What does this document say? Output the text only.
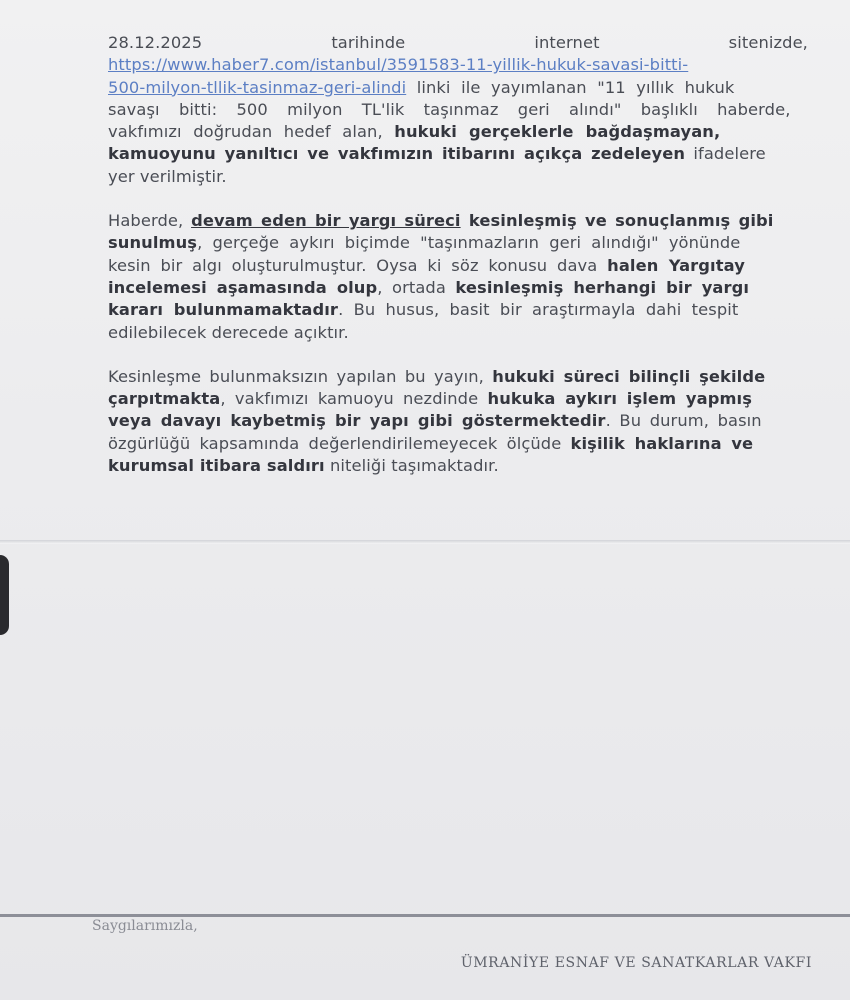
28.12.2025	tarihinde	internet	sitenizde,
https://www.haber7.com/istanbul/3591583-11-yillik-hukuk-savasi-bitti-
500-milyon-tllik-tasinmaz-geri-alindi linki ile yayımlanan "11 yıllık hukuk
savaşı bitti: 500 milyon TL'lik taşınmaz geri alındı" başlıklı haberde,
vakfımızı doğrudan hedef alan, hukuki gerçeklerle bağdaşmayan,
kamuoyunu yanıltıcı ve vakfımızın itibarını açıkça zedeleyen ifadelere
yer verilmiştir.
Haberde, devam eden bir yargı süreci kesinleşmiş ve sonuçlanmış gibi
sunulmuş, gerçeğe aykırı biçimde "taşınmazların geri alındığı" yönünde
kesin bir algı oluşturulmuştur. Oysa ki söz konusu dava halen Yargıtay
incelemesi aşamasında olup, ortada kesinleşmiş herhangi bir yargı
kararı bulunmamaktadır. Bu husus, basit bir araştırmayla dahi tespit
edilebilecek derecede açıktır.
Kesinleşme bulunmaksızın yapılan bu yayın, hukuki süreci bilinçli şekilde
çarpıtmakta, vakfımızı kamuoyu nezdinde hukuka aykırı işlem yapmış
veya davayı kaybetmiş bir yapı gibi göstermektedir. Bu durum, basın
özgürlüğü kapsamında değerlendirilemeyecek ölçüde kişilik haklarına ve
kurumsal itibara saldırı niteliği taşımaktadır.
Saygılarımızla,
ÜMRANİYE ESNAF VE SANATKARLAR VAKFI
